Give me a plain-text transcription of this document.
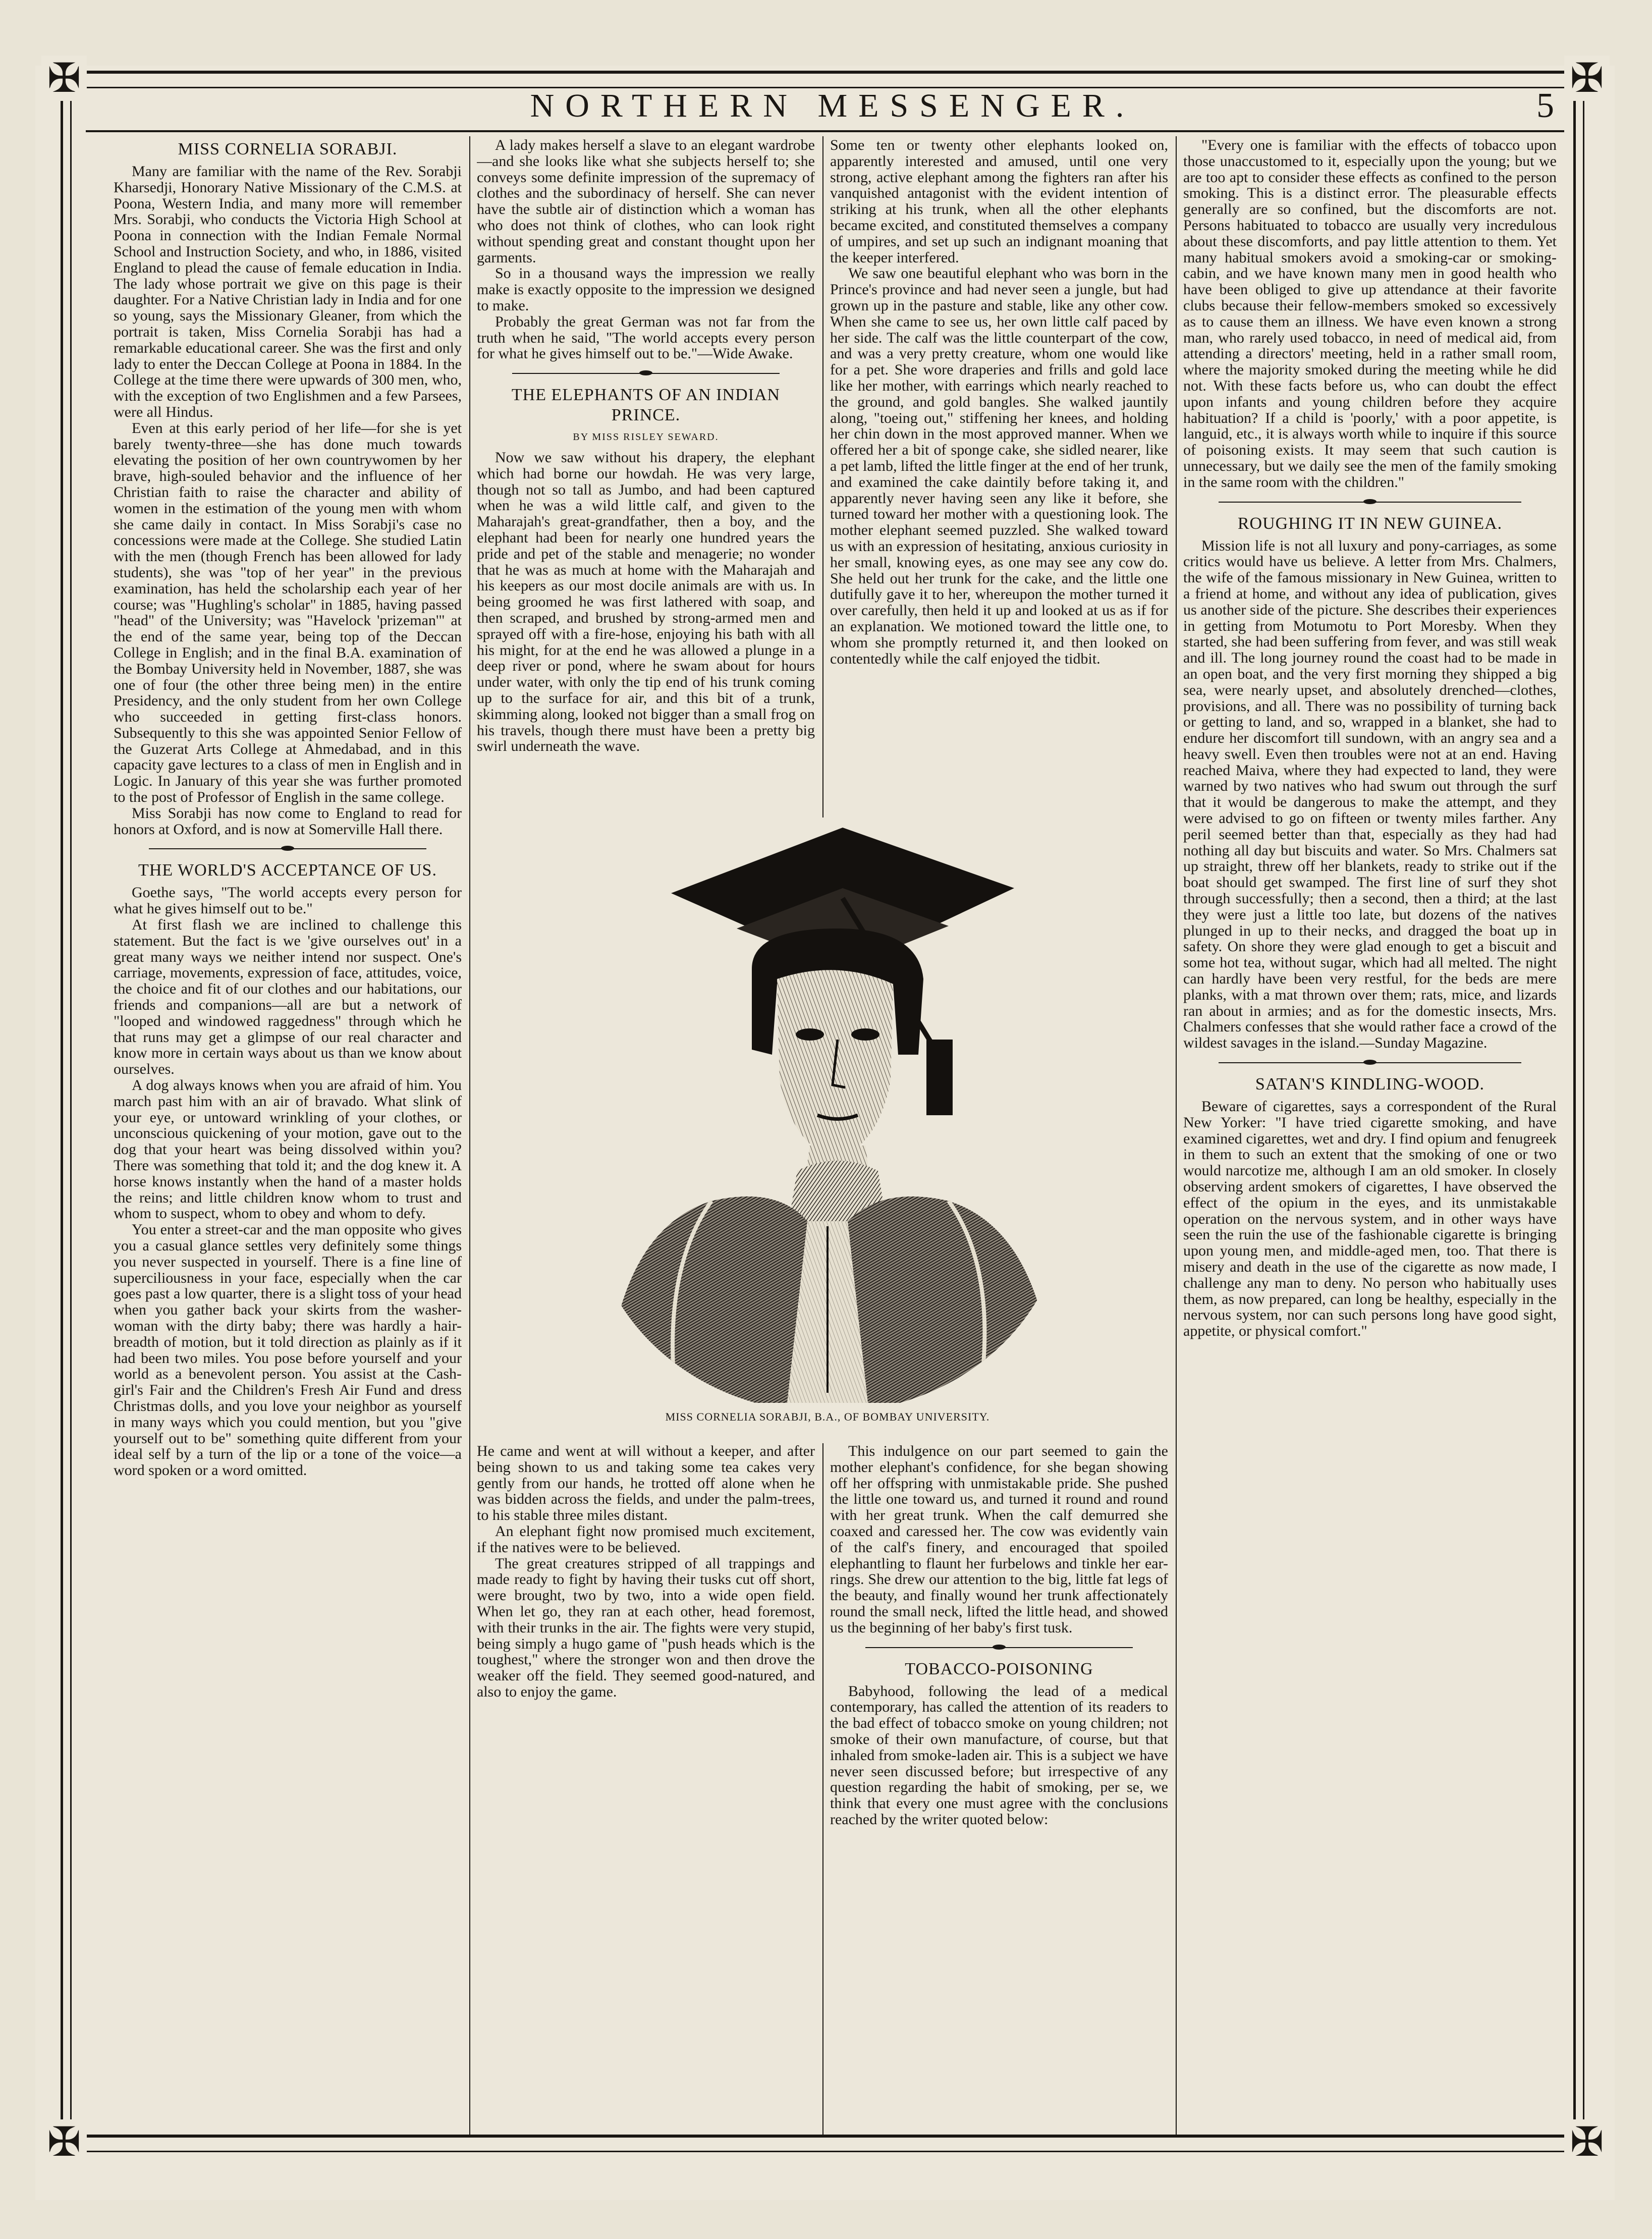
✠	✠
✠	✠
NORTHERN MESSENGER.	5
MISS CORNELIA SORABJI.

Many are familiar with the name of the Rev. Sorabji Kharsedji, Honorary Native Missionary of the C.M.S. at Poona, Western India, and many more will remember Mrs. Sorabji, who conducts the Victoria High School at Poona in connection with the Indian Female Normal School and Instruction Society, and who, in 1886, visited England to plead the cause of female education in India. The lady whose portrait we give on this page is their daughter. For a Native Christian lady in India and for one so young, says the Missionary Gleaner, from which the portrait is taken, Miss Cornelia Sorabji has had a remarkable educational career. She was the first and only lady to enter the Deccan College at Poona in 1884. In the College at the time there were upwards of 300 men, who, with the exception of two Englishmen and a few Parsees, were all Hindus.

Even at this early period of her life—for she is yet barely twenty-three—she has done much towards elevating the position of her own countrywomen by her brave, high-souled behavior and the influence of her Christian faith to raise the character and ability of women in the estimation of the young men with whom she came daily in contact. In Miss Sorabji's case no concessions were made at the College. She studied Latin with the men (though French has been allowed for lady students), she was "top of her year" in the previous examination, has held the scholarship each year of her course; was "Hughling's scholar" in 1885, having passed "head" of the University; was "Havelock 'prizeman'" at the end of the same year, being top of the Deccan College in English; and in the final B.A. examination of the Bombay University held in November, 1887, she was one of four (the other three being men) in the entire Presidency, and the only student from her own College who succeeded in getting first-class honors. Subsequently to this she was appointed Senior Fellow of the Guzerat Arts College at Ahmedabad, and in this capacity gave lectures to a class of men in English and in Logic. In January of this year she was further promoted to the post of Professor of English in the same college.

Miss Sorabji has now come to England to read for honors at Oxford, and is now at Somerville Hall there.

THE WORLD'S ACCEPTANCE OF US.

Goethe says, "The world accepts every person for what he gives himself out to be."

At first flash we are inclined to challenge this statement. But the fact is we 'give ourselves out' in a great many ways we neither intend nor suspect. One's carriage, movements, expression of face, attitudes, voice, the choice and fit of our clothes and our habitations, our friends and companions—all are but a network of "looped and windowed raggedness" through which he that runs may get a glimpse of our real character and know more in certain ways about us than we know about ourselves.

A dog always knows when you are afraid of him. You march past him with an air of bravado. What slink of your eye, or untoward wrinkling of your clothes, or unconscious quickening of your motion, gave out to the dog that your heart was being dissolved within you? There was something that told it; and the dog knew it. A horse knows instantly when the hand of a master holds the reins; and little children know whom to trust and whom to suspect, whom to obey and whom to defy.

You enter a street-car and the man opposite who gives you a casual glance settles very definitely some things you never suspected in yourself. There is a fine line of superciliousness in your face, especially when the car goes past a low quarter, there is a slight toss of your head when you gather back your skirts from the washer-woman with the dirty baby; there was hardly a hair-breadth of motion, but it told direction as plainly as if it had been two miles. You pose before yourself and your world as a benevolent person. You assist at the Cash-girl's Fair and the Children's Fresh Air Fund and dress Christmas dolls, and you love your neighbor as yourself in many ways which you could mention, but you "give yourself out to be" something quite different from your ideal self by a turn of the lip or a tone of the voice—a word spoken or a word omitted.

A lady makes herself a slave to an elegant wardrobe—and she looks like what she subjects herself to; she conveys some definite impression of the supremacy of clothes and the subordinacy of herself. She can never have the subtle air of distinction which a woman has who does not think of clothes, who can look right without spending great and constant thought upon her garments.

So in a thousand ways the impression we really make is exactly opposite to the impression we designed to make.

Probably the great German was not far from the truth when he said, "The world accepts every person for what he gives himself out to be."—Wide Awake.

THE ELEPHANTS OF AN INDIAN PRINCE.

BY MISS RISLEY SEWARD.

Now we saw without his drapery, the elephant which had borne our howdah. He was very large, though not so tall as Jumbo, and had been captured when he was a wild little calf, and given to the Maharajah's great-grandfather, then a boy, and the elephant had been for nearly one hundred years the pride and pet of the stable and menagerie; no wonder that he was as much at home with the Maharajah and his keepers as our most docile animals are with us. In being groomed he was first lathered with soap, and then scraped, and brushed by strong-armed men and sprayed off with a fire-hose, enjoying his bath with all his might, for at the end he was allowed a plunge in a deep river or pond, where he swam about for hours under water, with only the tip end of his trunk coming up to the surface for air, and this bit of a trunk, skimming along, looked not bigger than a small frog on his travels, though there must have been a pretty big swirl underneath the wave.

Some ten or twenty other elephants looked on, apparently interested and amused, until one very strong, active elephant among the fighters ran after his vanquished antagonist with the evident intention of striking at his trunk, when all the other elephants became excited, and constituted themselves a company of umpires, and set up such an indignant moaning that the keeper interfered.

We saw one beautiful elephant who was born in the Prince's province and had never seen a jungle, but had grown up in the pasture and stable, like any other cow. When she came to see us, her own little calf paced by her side. The calf was the little counterpart of the cow, and was a very pretty creature, whom one would like for a pet. She wore draperies and frills and gold lace like her mother, with earrings which nearly reached to the ground, and gold bangles. She walked jauntily along, "toeing out," stiffening her knees, and holding her chin down in the most approved manner. When we offered her a bit of sponge cake, she sidled nearer, like a pet lamb, lifted the little finger at the end of her trunk, and examined the cake daintily before taking it, and apparently never having seen any like it before, she turned toward her mother with a questioning look. The mother elephant seemed puzzled. She walked toward us with an expression of hesitating, anxious curiosity in her small, knowing eyes, as one may see any cow do. She held out her trunk for the cake, and the little one dutifully gave it to her, whereupon the mother turned it over carefully, then held it up and looked at us as if for an explanation. We motioned toward the little one, to whom she promptly returned it, and then looked on contentedly while the calf enjoyed the tidbit.

MISS CORNELIA SORABJI, B.A., OF BOMBAY UNIVERSITY.

He came and went at will without a keeper, and after being shown to us and taking some tea cakes very gently from our hands, he trotted off alone when he was bidden across the fields, and under the palm-trees, to his stable three miles distant.

An elephant fight now promised much excitement, if the natives were to be believed.

The great creatures stripped of all trappings and made ready to fight by having their tusks cut off short, were brought, two by two, into a wide open field. When let go, they ran at each other, head foremost, with their trunks in the air. The fights were very stupid, being simply a hugo game of "push heads which is the toughest," where the stronger won and then drove the weaker off the field. They seemed good-natured, and also to enjoy the game.

This indulgence on our part seemed to gain the mother elephant's confidence, for she began showing off her offspring with unmistakable pride. She pushed the little one toward us, and turned it round and round with her great trunk. When the calf demurred she coaxed and caressed her. The cow was evidently vain of the calf's finery, and encouraged that spoiled elephantling to flaunt her furbelows and tinkle her ear-rings. She drew our attention to the big, little fat legs of the beauty, and finally wound her trunk affectionately round the small neck, lifted the little head, and showed us the beginning of her baby's first tusk.

TOBACCO-POISONING

Babyhood, following the lead of a medical contemporary, has called the attention of its readers to the bad effect of tobacco smoke on young children; not smoke of their own manufacture, of course, but that inhaled from smoke-laden air. This is a subject we have never seen discussed before; but irrespective of any question regarding the habit of smoking, per se, we think that every one must agree with the conclusions reached by the writer quoted below:

"Every one is familiar with the effects of tobacco upon those unaccustomed to it, especially upon the young; but we are too apt to consider these effects as confined to the person smoking. This is a distinct error. The pleasurable effects generally are so confined, but the discomforts are not. Persons habituated to tobacco are usually very incredulous about these discomforts, and pay little attention to them. Yet many habitual smokers avoid a smoking-car or smoking-cabin, and we have known many men in good health who have been obliged to give up attendance at their favorite clubs because their fellow-members smoked so excessively as to cause them an illness. We have even known a strong man, who rarely used tobacco, in need of medical aid, from attending a directors' meeting, held in a rather small room, where the majority smoked during the meeting while he did not. With these facts before us, who can doubt the effect upon infants and young children before they acquire habituation? If a child is 'poorly,' with a poor appetite, is languid, etc., it is always worth while to inquire if this source of poisoning exists. It may seem that such caution is unnecessary, but we daily see the men of the family smoking in the same room with the children."

ROUGHING IT IN NEW GUINEA.

Mission life is not all luxury and pony-carriages, as some critics would have us believe. A letter from Mrs. Chalmers, the wife of the famous missionary in New Guinea, written to a friend at home, and without any idea of publication, gives us another side of the picture. She describes their experiences in getting from Motumotu to Port Moresby. When they started, she had been suffering from fever, and was still weak and ill. The long journey round the coast had to be made in an open boat, and the very first morning they shipped a big sea, were nearly upset, and absolutely drenched—clothes, provisions, and all. There was no possibility of turning back or getting to land, and so, wrapped in a blanket, she had to endure her discomfort till sundown, with an angry sea and a heavy swell. Even then troubles were not at an end. Having reached Maiva, where they had expected to land, they were warned by two natives who had swum out through the surf that it would be dangerous to make the attempt, and they were advised to go on fifteen or twenty miles farther. Any peril seemed better than that, especially as they had had nothing all day but biscuits and water. So Mrs. Chalmers sat up straight, threw off her blankets, ready to strike out if the boat should get swamped. The first line of surf they shot through successfully; then a second, then a third; at the last they were just a little too late, but dozens of the natives plunged in up to their necks, and dragged the boat up in safety. On shore they were glad enough to get a biscuit and some hot tea, without sugar, which had all melted. The night can hardly have been very restful, for the beds are mere planks, with a mat thrown over them; rats, mice, and lizards ran about in armies; and as for the domestic insects, Mrs. Chalmers confesses that she would rather face a crowd of the wildest savages in the island.—Sunday Magazine.

SATAN'S KINDLING-WOOD.

Beware of cigarettes, says a correspondent of the Rural New Yorker: "I have tried cigarette smoking, and have examined cigarettes, wet and dry. I find opium and fenugreek in them to such an extent that the smoking of one or two would narcotize me, although I am an old smoker. In closely observing ardent smokers of cigarettes, I have observed the effect of the opium in the eyes, and its unmistakable operation on the nervous system, and in other ways have seen the ruin the use of the fashionable cigarette is bringing upon young men, and middle-aged men, too. That there is misery and death in the use of the cigarette as now made, I challenge any man to deny. No person who habitually uses them, as now prepared, can long be healthy, especially in the nervous system, nor can such persons long have good sight, appetite, or physical comfort."
